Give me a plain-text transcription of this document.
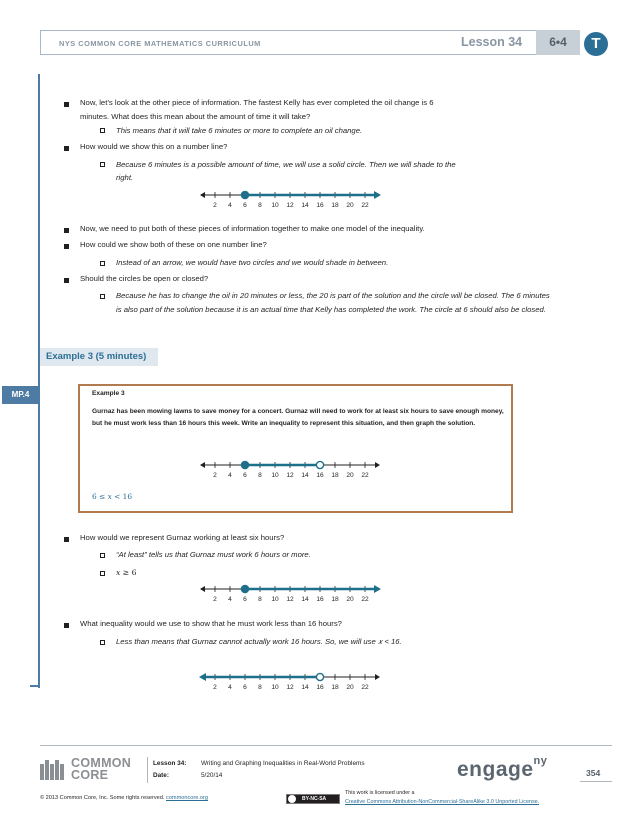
NYS COMMON CORE MATHEMATICS CURRICULUM	Lesson 34	6•4	T
MP.4
Now, let’s look at the other piece of information. The fastest Kelly has ever completed the oil change is 6
minutes. What does this mean about the amount of time it will take?
This means that it will take 6 minutes or more to complete an oil change.
How would we show this on a number line?
Because 6 minutes is a possible amount of time, we will use a solid circle. Then we will shade to the
right.
2 4 6 8 10 12 14 16 18 20 22
Now, we need to put both of these pieces of information together to make one model of the inequality.
How could we show both of these on one number line?
Instead of an arrow, we would have two circles and we would shade in between.
Should the circles be open or closed?
Because he has to change the oil in 20 minutes or less, the 20 is part of the solution and the circle will be closed. The 6 minutes is also part of the solution because it is an actual time that Kelly has completed the work. The circle at 6 should also be closed.
Example 3 (5 minutes)
Example 3
Gurnaz has been mowing lawns to save money for a concert. Gurnaz will need to work for at least six hours to save enough money, but he must work less than 16 hours this week. Write an inequality to represent this situation, and then graph the solution.
6 ≤ 𝑥 < 16
2 4 6 8 10 12 14 16 18 20 22
How would we represent Gurnaz working at least six hours?
“At least” tells us that Gurnaz must work 6 hours or more.
𝑥 ≥ 6
2 4 6 8 10 12 14 16 18 20 22
What inequality would we use to show that he must work less than 16 hours?
Less than means that Gurnaz cannot actually work 16 hours. So, we will use 𝑥 < 16.
2 4 6 8 10 12 14 16 18 20 22
COMMON
CORE
Lesson 34: Writing and Graphing Inequalities in Real-World Problems
Date:	5/20/14	engage$^{ny}$
354
© 2013 Common Core, Inc. Some rights reserved. commoncore.org	BY-NC-SA
This work is licensed under a
Creative Commons Attribution-NonCommercial-ShareAlike 3.0 Unported License.
